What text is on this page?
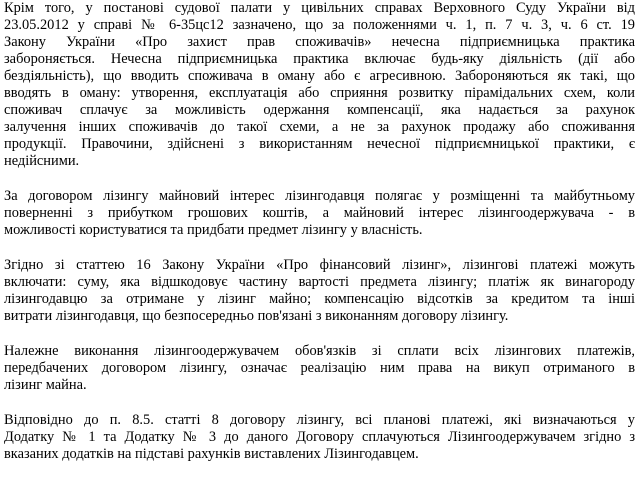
Крім того, у постанові судової палати у цивільних справах Верховного Суду України від
23.05.2012 у справі № 6-35цс12 зазначено, що за положеннями ч. 1, п. 7 ч. 3, ч. 6 ст. 19
Закону України «Про захист прав споживачів» нечесна підприємницька практика
забороняється. Нечесна підприємницька практика включає будь-яку діяльність (дії або
бездіяльність), що вводить споживача в оману або є агресивною. Забороняються як такі, що
вводять в оману: утворення, експлуатація або сприяння розвитку пірамідальних схем, коли
споживач сплачує за можливість одержання компенсації, яка надається за рахунок
залучення інших споживачів до такої схеми, а не за рахунок продажу або споживання
продукції. Правочини, здійснені з використанням нечесної підприємницької практики, є
недійсними.
За договором лізингу майновий інтерес лізингодавця полягає у розміщенні та майбутньому
поверненні з прибутком грошових коштів, а майновий інтерес лізингоодержувача - в
можливості користуватися та придбати предмет лізингу у власність.
Згідно зі статтею 16 Закону України «Про фінансовий лізинг», лізингові платежі можуть
включати: суму, яка відшкодовує частину вартості предмета лізингу; платіж як винагороду
лізингодавцю за отримане у лізинг майно; компенсацію відсотків за кредитом та інші
витрати лізингодавця, що безпосередньо пов'язані з виконанням договору лізингу.
Належне виконання лізингоодержувачем обов'язків зі сплати всіх лізингових платежів,
передбачених договором лізингу, означає реалізацію ним права на викуп отриманого в
лізинг майна.
Відповідно до п. 8.5. статті 8 договору лізингу, всі планові платежі, які визначаються у
Додатку № 1 та Додатку № 3 до даного Договору сплачуються Лізингоодержувачем згідно з
вказаних додатків на підставі рахунків виставлених Лізингодавцем.
